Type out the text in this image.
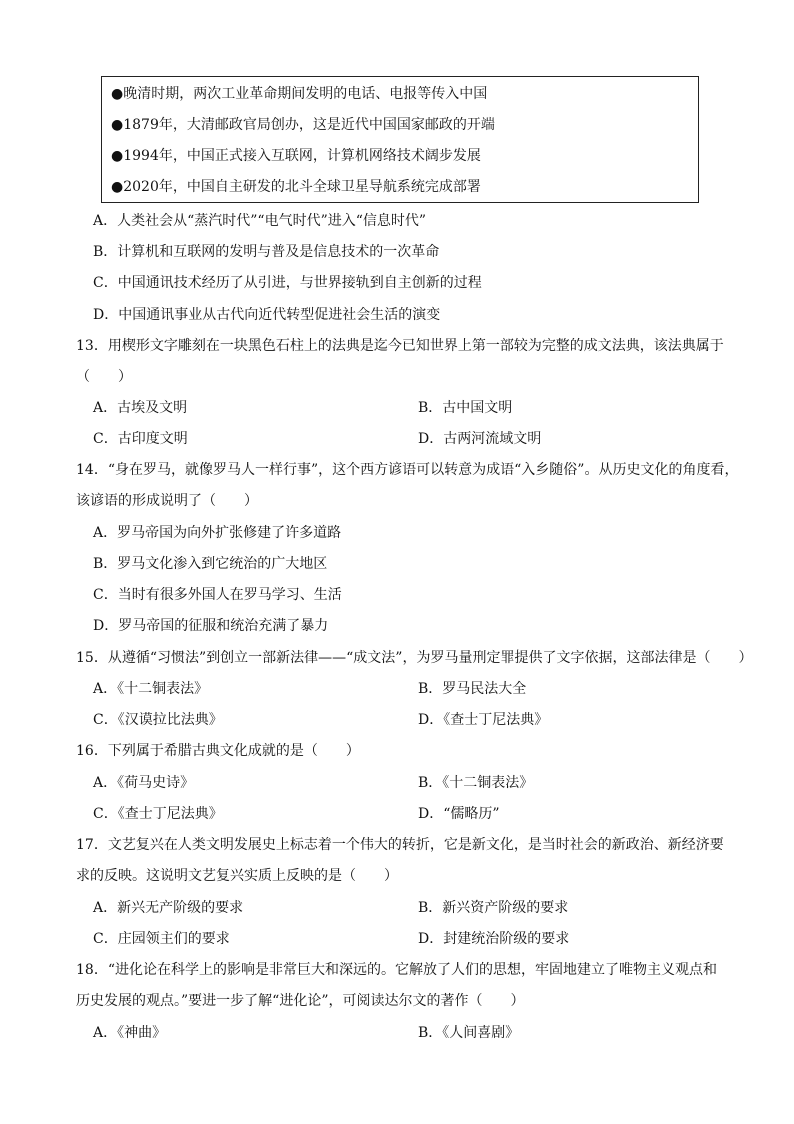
●晚清时期，两次工业革命期间发明的电话、电报等传入中国
●1879年，大清邮政官局创办，这是近代中国国家邮政的开端
●1994年，中国正式接入互联网，计算机网络技术阔步发展
●2020年，中国自主研发的北斗全球卫星导航系统完成部署
A．人类社会从“蒸汽时代”“电气时代”进入“信息时代”
B．计算机和互联网的发明与普及是信息技术的一次革命
C．中国通讯技术经历了从引进，与世界接轨到自主创新的过程
D．中国通讯事业从古代向近代转型促进社会生活的演变
13．用楔形文字雕刻在一块黑色石柱上的法典是迄今已知世界上第一部较为完整的成文法典，该法典属于
（　　）
A．古埃及文明	B．古中国文明
C．古印度文明	D．古两河流域文明
14．“身在罗马，就像罗马人一样行事”，这个西方谚语可以转意为成语“入乡随俗”。从历史文化的角度看，
该谚语的形成说明了（　　）
A．罗马帝国为向外扩张修建了许多道路
B．罗马文化渗入到它统治的广大地区
C．当时有很多外国人在罗马学习、生活
D．罗马帝国的征服和统治充满了暴力
15．从遵循“习惯法”到创立一部新法律——“成文法”，为罗马量刑定罪提供了文字依据，这部法律是（　　）
A．《十二铜表法》	B．罗马民法大全
C．《汉谟拉比法典》	D．《查士丁尼法典》
16．下列属于希腊古典文化成就的是（　　）
A．《荷马史诗》	B．《十二铜表法》
C．《查士丁尼法典》	D．“儒略历”
17．文艺复兴在人类文明发展史上标志着一个伟大的转折，它是新文化，是当时社会的新政治、新经济要
求的反映。这说明文艺复兴实质上反映的是（　　）
A．新兴无产阶级的要求	B．新兴资产阶级的要求
C．庄园领主们的要求	D．封建统治阶级的要求
18．“进化论在科学上的影响是非常巨大和深远的。它解放了人们的思想，牢固地建立了唯物主义观点和
历史发展的观点。”要进一步了解“进化论”，可阅读达尔文的著作（　　）
A．《神曲》	B．《人间喜剧》
